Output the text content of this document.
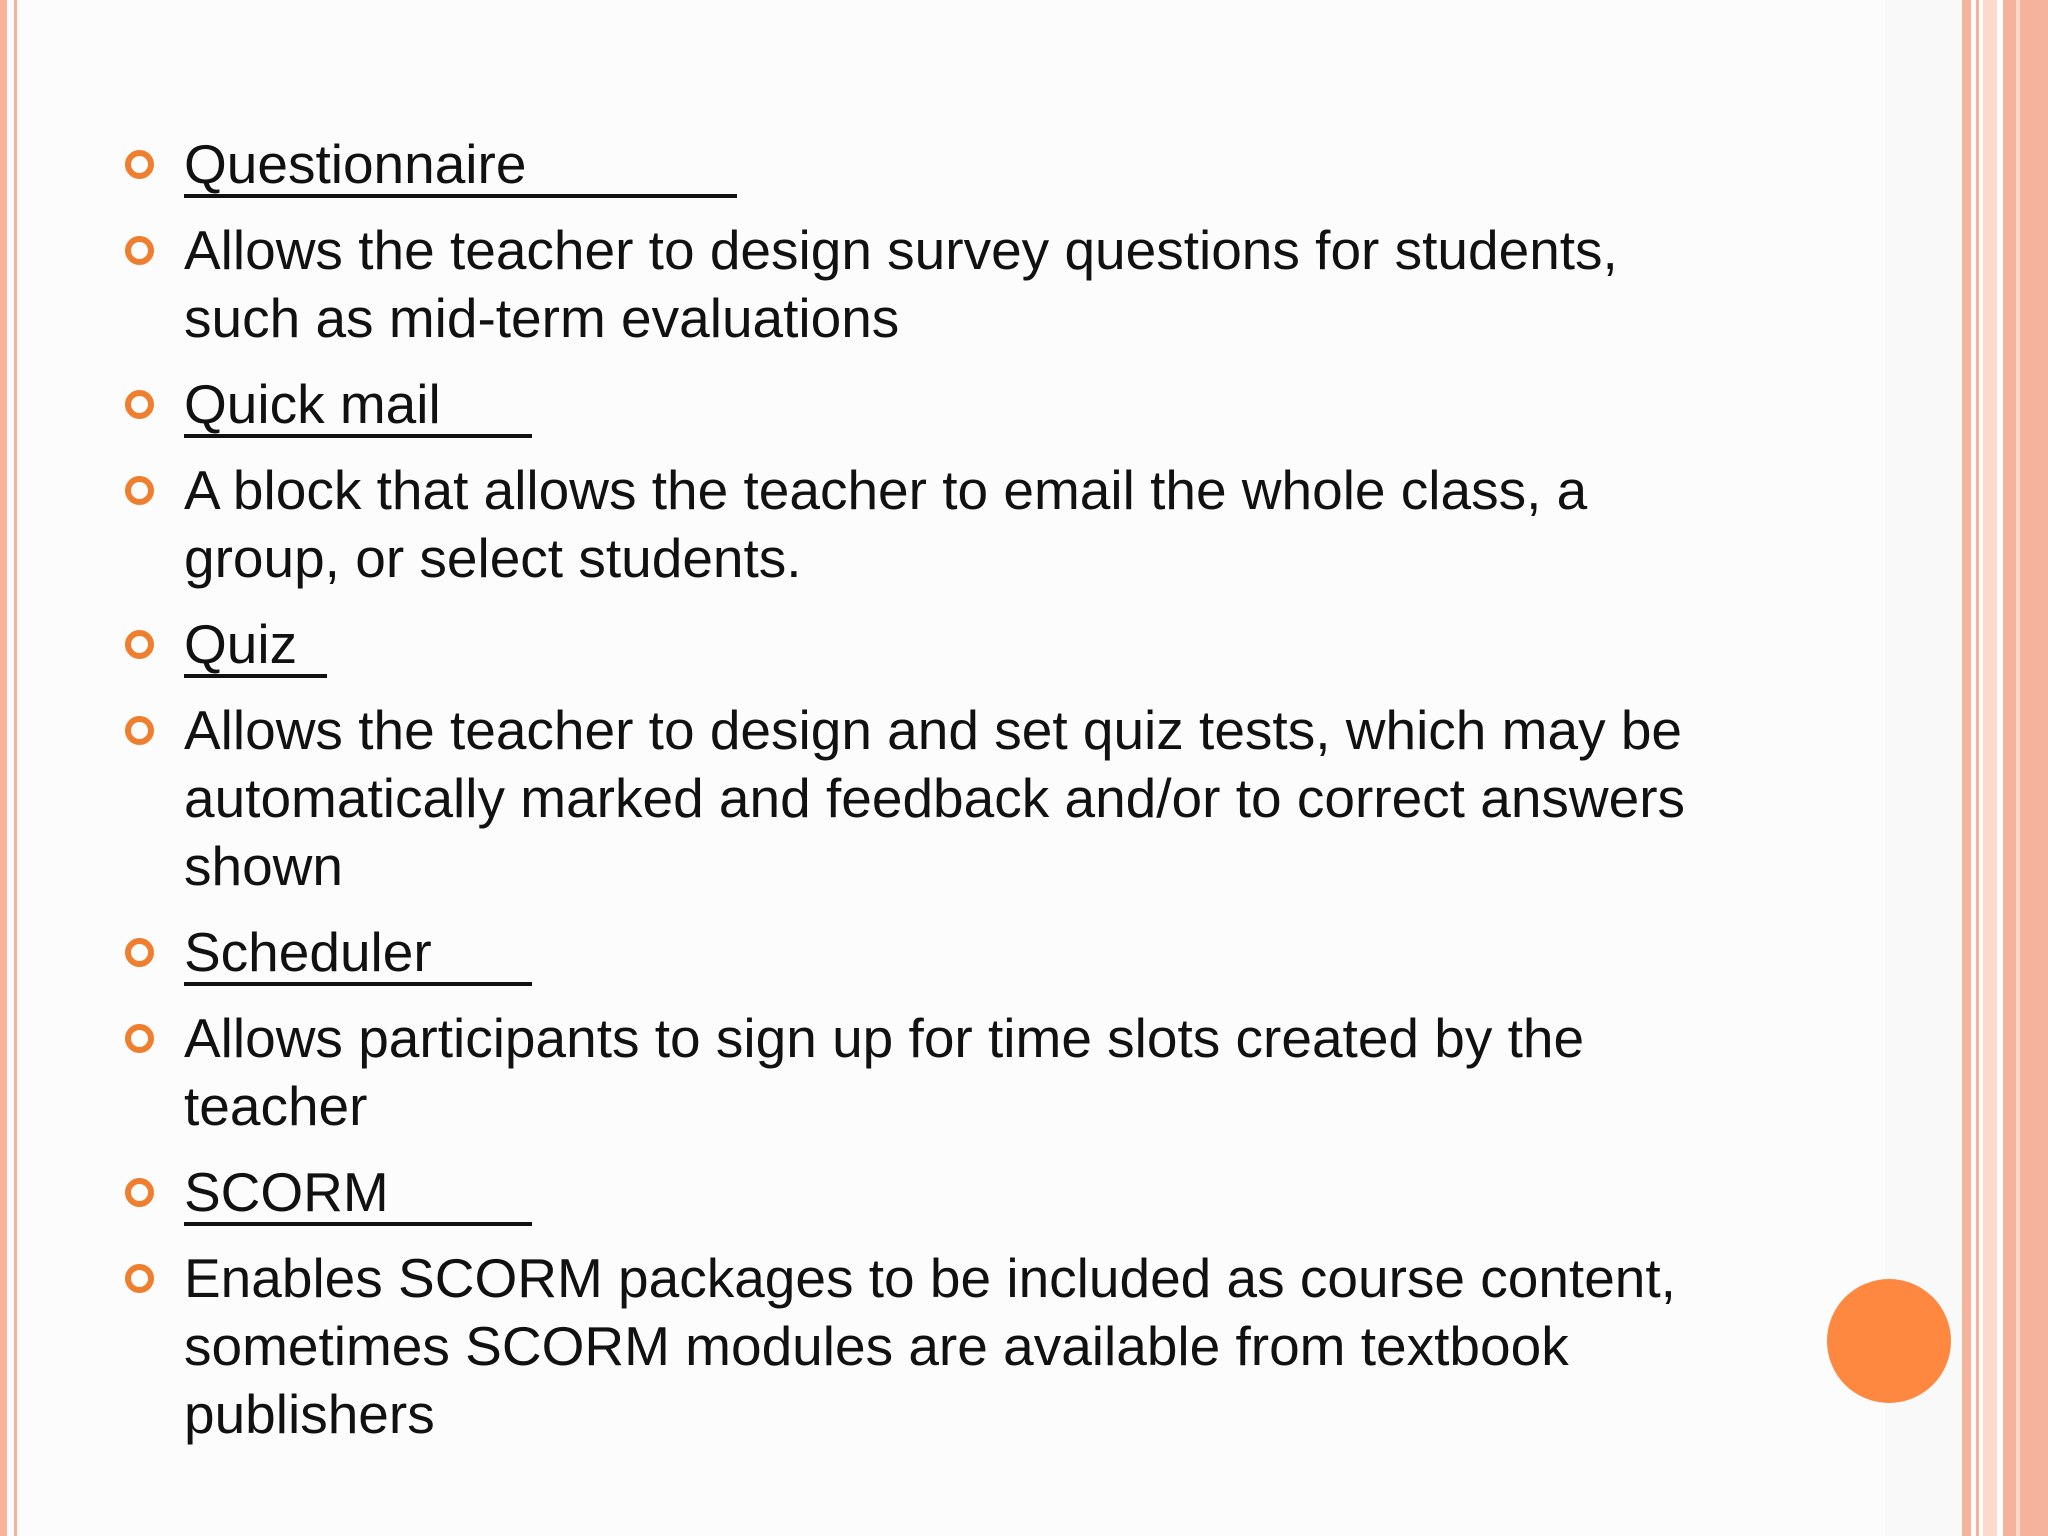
Questionnaire
Allows the teacher to design survey questions for students, such as mid-term evaluations
Quick mail
A block that allows the teacher to email the whole class, a group, or select students.
Quiz
Allows the teacher to design and set quiz tests, which may be automatically marked and feedback and/or to correct answers shown
Scheduler
Allows participants to sign up for time slots created by the teacher
SCORM
Enables SCORM packages to be included as course content, sometimes SCORM modules are available from textbook publishers
